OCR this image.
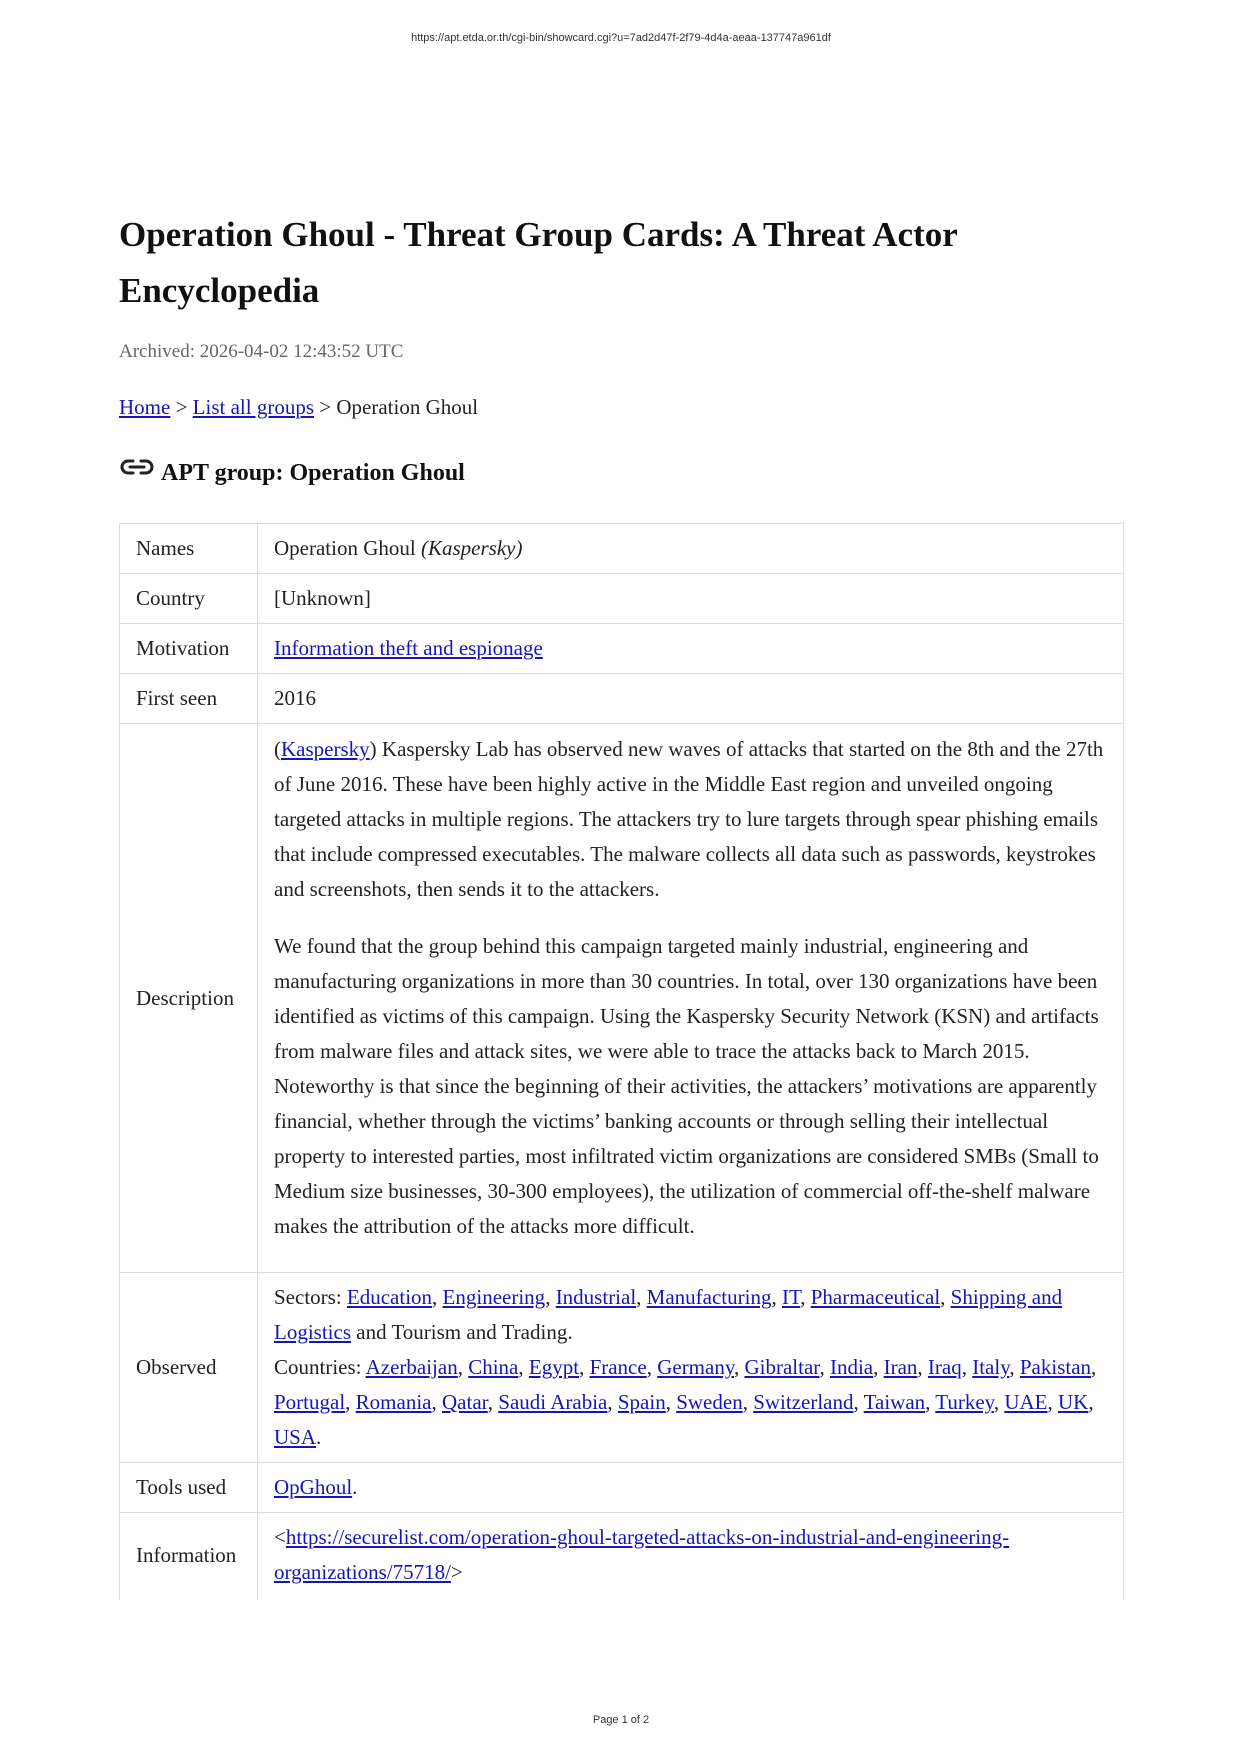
https://apt.etda.or.th/cgi-bin/showcard.cgi?u=7ad2d47f-2f79-4d4a-aeaa-137747a961df
Operation Ghoul - Threat Group Cards: A Threat Actor Encyclopedia
Archived: 2026-04-02 12:43:52 UTC
Home > List all groups > Operation Ghoul
APT group: Operation Ghoul
Names	Operation Ghoul (Kaspersky)
Country	[Unknown]
Motivation	Information theft and espionage
First seen	2016
Description	(Kaspersky) Kaspersky Lab has observed new waves of attacks that started on the 8th and the 27th of June 2016. These have been highly active in the Middle East region and unveiled ongoing targeted attacks in multiple regions. The attackers try to lure targets through spear phishing emails that include compressed executables. The malware collects all data such as passwords, keystrokes and screenshots, then sends it to the attackers.

We found that the group behind this campaign targeted mainly industrial, engineering and manufacturing organizations in more than 30 countries. In total, over 130 organizations have been identified as victims of this campaign. Using the Kaspersky Security Network (KSN) and artifacts from malware files and attack sites, we were able to trace the attacks back to March 2015. Noteworthy is that since the beginning of their activities, the attackers’ motivations are apparently financial, whether through the victims’ banking accounts or through selling their intellectual property to interested parties, most infiltrated victim organizations are considered SMBs (Small to Medium size businesses, 30-300 employees), the utilization of commercial off-the-shelf malware makes the attribution of the attacks more difficult.

Observed	Sectors: Education, Engineering, Industrial, Manufacturing, IT, Pharmaceutical, Shipping and Logistics and Tourism and Trading.
Countries: Azerbaijan, China, Egypt, France, Germany, Gibraltar, India, Iran, Iraq, Italy, Pakistan, Portugal, Romania, Qatar, Saudi Arabia, Spain, Sweden, Switzerland, Taiwan, Turkey, UAE, UK, USA.

Tools used	OpGhoul.
Information	<https://securelist.com/operation-ghoul-targeted-attacks-on-industrial-and-engineering-organizations/75718/>
Page 1 of 2
